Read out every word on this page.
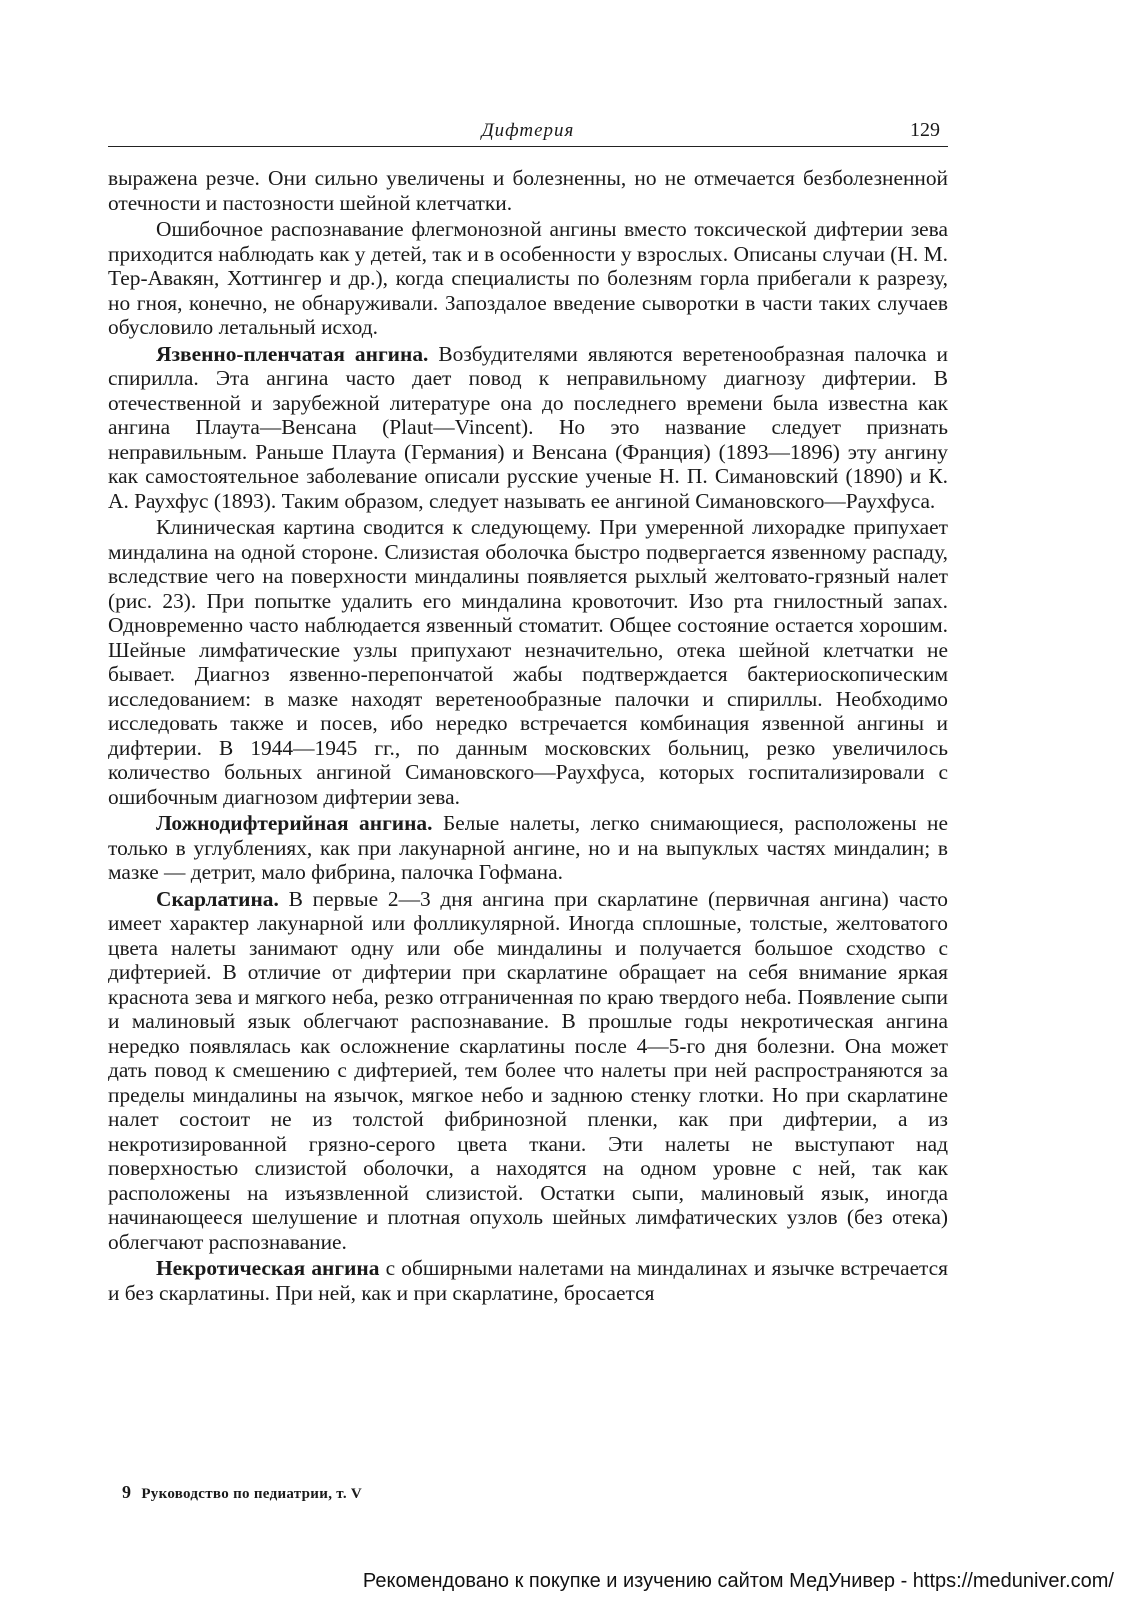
Дифтерия	129

выражена резче. Они сильно увеличены и болезненны, но не отмечается безболезненной отечности и пастозности шейной клетчатки.

Ошибочное распознавание флегмонозной ангины вместо токсической дифтерии зева приходится наблюдать как у детей, так и в особенности у взрослых. Описаны случаи (Н. М. Тер-Авакян, Хоттингер и др.), когда специалисты по болезням горла прибегали к разрезу, но гноя, конечно, не обнаруживали. Запоздалое введение сыворотки в части таких случаев обусловило летальный исход.

Язвенно-пленчатая ангина. Возбудителями являются веретенообразная палочка и спирилла. Эта ангина часто дает повод к неправильному диагнозу дифтерии. В отечественной и зарубежной литературе она до последнего времени была известна как ангина Плаута—Венсана (Plaut—Vincent). Но это название следует признать неправильным. Раньше Плаута (Германия) и Венсана (Франция) (1893—1896) эту ангину как самостоятельное заболевание описали русские ученые Н. П. Симановский (1890) и К. А. Раухфус (1893). Таким образом, следует называть ее ангиной Симановского—Раухфуса.

Клиническая картина сводится к следующему. При умеренной лихорадке припухает миндалина на одной стороне. Слизистая оболочка быстро подвергается язвенному распаду, вследствие чего на поверхности миндалины появляется рыхлый желтовато-грязный налет (рис. 23). При попытке удалить его миндалина кровоточит. Изо рта гнилостный запах. Одновременно часто наблюдается язвенный стоматит. Общее состояние остается хорошим. Шейные лимфатические узлы припухают незначительно, отека шейной клетчатки не бывает. Диагноз язвенно-перепончатой жабы подтверждается бактериоскопическим исследованием: в мазке находят веретенообразные палочки и спириллы. Необходимо исследовать также и посев, ибо нередко встречается комбинация язвенной ангины и дифтерии. В 1944—1945 гг., по данным московских больниц, резко увеличилось количество больных ангиной Симановского—Раухфуса, которых госпитализировали с ошибочным диагнозом дифтерии зева.

Ложнодифтерийная ангина. Белые налеты, легко снимающиеся, расположены не только в углублениях, как при лакунарной ангине, но и на выпуклых частях миндалин; в мазке — детрит, мало фибрина, палочка Гофмана.

Скарлатина. В первые 2—3 дня ангина при скарлатине (первичная ангина) часто имеет характер лакунарной или фолликулярной. Иногда сплошные, толстые, желтоватого цвета налеты занимают одну или обе миндалины и получается большое сходство с дифтерией. В отличие от дифтерии при скарлатине обращает на себя внимание яркая краснота зева и мягкого неба, резко отграниченная по краю твердого неба. Появление сыпи и малиновый язык облегчают распознавание. В прошлые годы некротическая ангина нередко появлялась как осложнение скарлатины после 4—5-го дня болезни. Она может дать повод к смешению с дифтерией, тем более что налеты при ней распространяются за пределы миндалины на язычок, мягкое небо и заднюю стенку глотки. Но при скарлатине налет состоит не из толстой фибринозной пленки, как при дифтерии, а из некротизированной грязно-серого цвета ткани. Эти налеты не выступают над поверхностью слизистой оболочки, а находятся на одном уровне с ней, так как расположены на изъязвленной слизистой. Остатки сыпи, малиновый язык, иногда начинающееся шелушение и плотная опухоль шейных лимфатических узлов (без отека) облегчают распознавание.

Некротическая ангина с обширными налетами на миндалинах и язычке встречается и без скарлатины. При ней, как и при скарлатине, бросается

9 Руководство по педиатрии, т. V
Рекомендовано к покупке и изучению сайтом МедУнивер - https://meduniver.com/
